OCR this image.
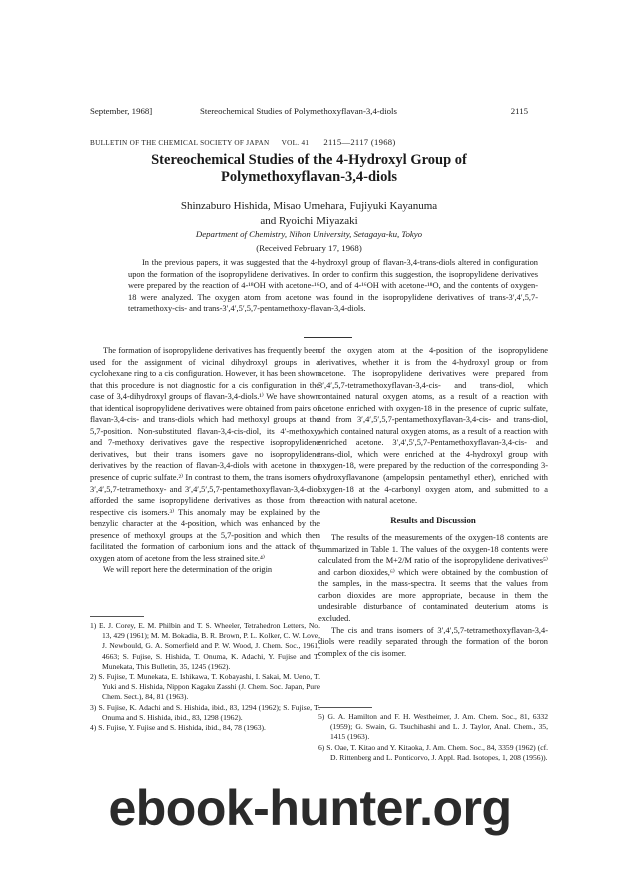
September, 1968]	Stereochemical Studies of Polymethoxyflavan-3,4-diols	2115
BULLETIN OF THE CHEMICAL SOCIETY OF JAPAN VOL. 41 2115—2117 (1968)
Stereochemical Studies of the 4-Hydroxyl Group of Polymethoxyflavan-3,4-diols
Shinzaburo Hishida, Misao Umehara, Fujiyuki Kayanuma
and Ryoichi Miyazaki
Department of Chemistry, Nihon University, Setagaya-ku, Tokyo
(Received February 17, 1968)
In the previous papers, it was suggested that the 4-hydroxyl group of flavan-3,4-trans-diols altered in configuration upon the formation of the isopropylidene derivatives. In order to confirm this suggestion, the isopropylidene derivatives were prepared by the reaction of 4-¹⁸OH with acetone-¹⁶O, and of 4-¹⁶OH with acetone-¹⁸O, and the contents of oxygen-18 were analyzed. The oxygen atom from acetone was found in the isopropylidene derivatives of trans-3′,4′,5,7-tetramethoxy-cis- and trans-3′,4′,5′,5,7-pentamethoxy-flavan-3,4-diols.

The formation of isopropylidene derivatives has frequently been used for the assignment of vicinal dihydroxyl groups in a cyclohexane ring to a cis configuration. However, it has been shown that this procedure is not diagnostic for a cis configuration in the case of 3,4-dihydroxyl groups of flavan-3,4-diols.¹⁾ We have shown that identical isopropylidene derivatives were obtained from pairs of flavan-3,4-cis- and trans-diols which had methoxyl groups at the 5,7-position. Non-substituted flavan-3,4-cis-diol, its 4′-methoxy, and 7-methoxy derivatives gave the respective isopropylidene derivatives, but their trans isomers gave no isopropylidene derivatives by the reaction of flavan-3,4-diols with acetone in the presence of cupric sulfate.²⁾ In contrast to them, the trans isomers of 3′,4′,5,7-tetramethoxy- and 3′,4′,5′,5,7-pentamethoxyflavan-3,4-diol afforded the same isopropylidene derivatives as those from the respective cis isomers.³⁾ This anomaly may be explained by the benzylic character at the 4-position, which was enhanced by the presence of methoxyl groups at the 5,7-position and which then facilitated the formation of carbonium ions and the attack of the oxygen atom of acetone from the less strained site.⁴⁾

We will report here the determination of the origin

of the oxygen atom at the 4-position of the isopropylidene derivatives, whether it is from the 4-hydroxyl group or from acetone. The isopropylidene derivatives were prepared from 3′,4′,5,7-tetramethoxyflavan-3,4-cis- and trans-diol, which contained natural oxygen atoms, as a result of a reaction with acetone enriched with oxygen-18 in the presence of cupric sulfate, and from 3′,4′,5′,5,7-pentamethoxyflavan-3,4-cis- and trans-diol, which contained natural oxygen atoms, as a result of a reaction with enriched acetone. 3′,4′,5′,5,7-Pentamethoxyflavan-3,4-cis- and trans-diol, which were enriched at the 4-hydroxyl group with oxygen-18, were prepared by the reduction of the corresponding 3-hydroxyflavanone (ampelopsin pentamethyl ether), enriched with oxygen-18 at the 4-carbonyl oxygen atom, and submitted to a reaction with natural acetone.

Results and Discussion

The results of the measurements of the oxygen-18 contents are summarized in Table 1. The values of the oxygen-18 contents were calculated from the M+2/M ratio of the isopropylidene derivatives⁵⁾ and carbon dioxides,⁶⁾ which were obtained by the combustion of the samples, in the mass-spectra. It seems that the values from carbon dioxides are more appropriate, because in them the undesirable disturbance of contaminated deuterium atoms is excluded.

The cis and trans isomers of 3′,4′,5,7-tetramethoxyflavan-3,4-diols were readily separated through the formation of the boron complex of the cis isomer.

1) E. J. Corey, E. M. Philbin and T. S. Wheeler, Tetrahedron Letters, No. 13, 429 (1961); M. M. Bokadia, B. R. Brown, P. L. Kolker, C. W. Love, J. Newbould, G. A. Somerfield and P. W. Wood, J. Chem. Soc., 1961, 4663; S. Fujise, S. Hishida, T. Onuma, K. Adachi, Y. Fujise and T. Munekata, This Bulletin, 35, 1245 (1962).
2) S. Fujise, T. Munekata, E. Ishikawa, T. Kobayashi, I. Sakai, M. Ueno, T. Yuki and S. Hishida, Nippon Kagaku Zasshi (J. Chem. Soc. Japan, Pure Chem. Sect.), 84, 81 (1963).
3) S. Fujise, K. Adachi and S. Hishida, ibid., 83, 1294 (1962); S. Fujise, T. Onuma and S. Hishida, ibid., 83, 1298 (1962).
4) S. Fujise, Y. Fujise and S. Hishida, ibid., 84, 78 (1963).
5) G. A. Hamilton and F. H. Westheimer, J. Am. Chem. Soc., 81, 6332 (1959); G. Swain, G. Tsuchihashi and L. J. Taylor, Anal. Chem., 35, 1415 (1963).
6) S. Oae, T. Kitao and Y. Kitaoka, J. Am. Chem. Soc., 84, 3359 (1962) (cf. D. Rittenberg and L. Ponticorvo, J. Appl. Rad. Isotopes, 1, 208 (1956)).
ebook-hunter.org
